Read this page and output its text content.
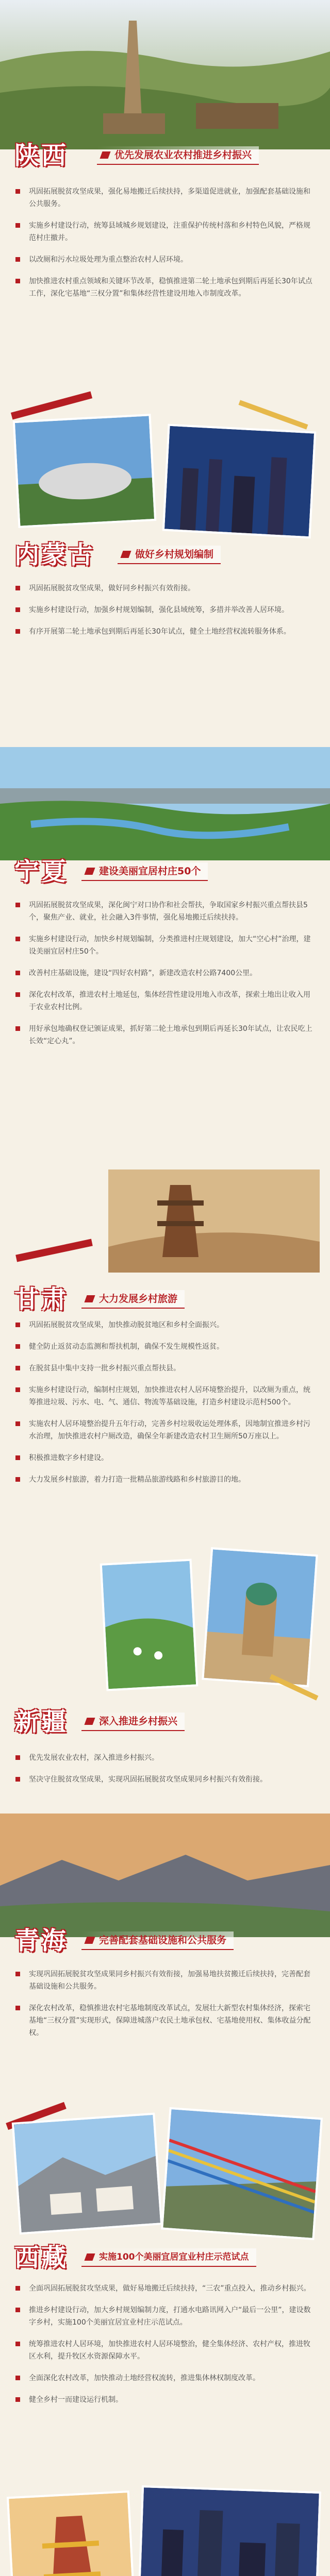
陕西	优先发展农业农村推进乡村振兴
巩固拓展脱贫攻坚成果，强化易地搬迁后续扶持，多渠道促进就业，加强配套基础设施和公共服务。
实施乡村建设行动，统筹县域城乡规划建设，注重保护传统村落和乡村特色风貌，严格规范村庄撤并。
以改厕和污水垃圾处理为重点整治农村人居环境。
加快推进农村重点领域和关键环节改革，稳慎推进第二轮土地承包到期后再延长30年试点工作，深化宅基地“三权分置”和集体经营性建设用地入市制度改革。
内蒙古	做好乡村规划编制
巩固拓展脱贫攻坚成果，做好同乡村振兴有效衔接。
实施乡村建设行动，加强乡村规划编制，强化县域统筹，多措并举改善人居环境。
有序开展第二轮土地承包到期后再延长30年试点，健全土地经营权流转服务体系。
宁夏	建设美丽宜居村庄50个
巩固拓展脱贫攻坚成果，深化闽宁对口协作和社会帮扶，争取国家乡村振兴重点帮扶县5个，聚焦产业、就业，社会融入3件事情，强化易地搬迁后续扶持。
实施乡村建设行动，加快乡村规划编制，分类推进村庄规划建设，加大“空心村”治理，建设美丽宜居村庄50个。
改善村庄基础设施，建设“四好农村路”，新建改造农村公路7400公里。
深化农村改革，推进农村土地延包，集体经营性建设用地入市改革，探索土地出让收入用于农业农村比例。
用好承包地确权登记颁证成果，抓好第二轮土地承包到期后再延长30年试点，让农民吃上长效“定心丸”。
甘肃	大力发展乡村旅游
巩固拓展脱贫攻坚成果，加快推动脱贫地区和乡村全面振兴。
健全防止返贫动态监测和帮扶机制，确保不发生规模性返贫。
在脱贫县中集中支持一批乡村振兴重点帮扶县。
实施乡村建设行动，编制村庄规划，加快推进农村人居环境整治提升，以改厕为重点，统筹推进垃圾、污水、电、气、通信、物流等基础设施，打造乡村建设示范村500个。
实施农村人居环境整治提升五年行动，完善乡村垃圾收运处理体系，因地制宜推进乡村污水治理，加快推进农村户厕改造，确保全年新建改造农村卫生厕所50万座以上。
积极推进数字乡村建设。
大力发展乡村旅游，着力打造一批精品旅游线路和乡村旅游目的地。
新疆	深入推进乡村振兴
优先发展农业农村，深入推进乡村振兴。
坚决守住脱贫攻坚成果，实现巩固拓展脱贫攻坚成果同乡村振兴有效衔接。
青海	完善配套基础设施和公共服务
实现巩固拓展脱贫攻坚成果同乡村振兴有效衔接，加强易地扶贫搬迁后续扶持，完善配套基础设施和公共服务。
深化农村改革，稳慎推进农村宅基地制度改革试点，发展壮大新型农村集体经济，探索宅基地“三权分置”实现形式，保障进城落户农民土地承包权、宅基地使用权、集体收益分配权。
西藏	实施100个美丽宜居宜业村庄示范试点
全面巩固拓展脱贫攻坚成果，做好易地搬迁后续扶持，“三农”重点投入，推动乡村振兴。
推进乡村建设行动，加大乡村规划编制力度，打通水电路讯网入户“最后一公里”，建设数字乡村，实施100个美丽宜居宜业村庄示范试点。
统筹推进农村人居环境，加快推进农村人居环境整治，健全集体经济、农村产权，推进牧区水利，提升牧区水资源保障水平。
全面深化农村改革，加快推动土地经营权流转，推进集体林权制度改革。
健全乡村一而建设运行机制。
